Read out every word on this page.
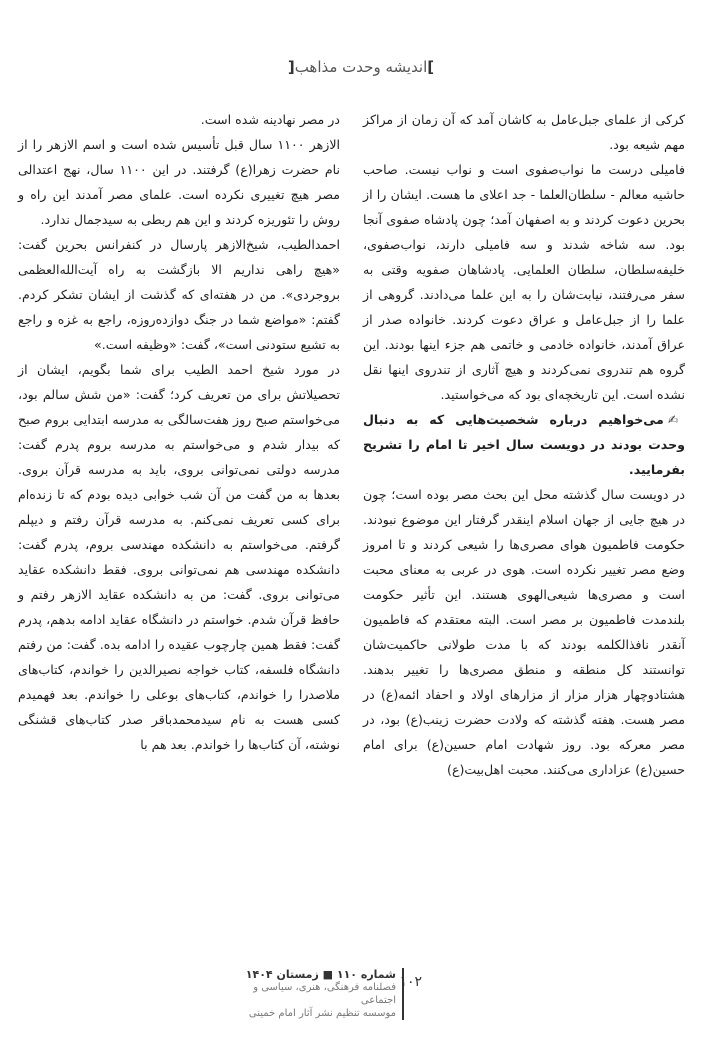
]اندیشه وحدت مذاهب[

کرکی از علمای جبل‌عامل به کاشان آمد که آن زمان از مراکز مهم شیعه بود.

فامیلی درست ما نواب‌صفوی است و نواب نیست. صاحب حاشیه معالم - سلطان‌العلما - جد اعلای ما هست. ایشان را از بحرین دعوت کردند و به اصفهان آمد؛ چون پادشاه صفوی آنجا بود. سه شاخه شدند و سه فامیلی دارند، نواب‌صفوی، خلیفه‌سلطان، سلطان العلمایی. پادشاهان صفویه وقتی به سفر می‌رفتند، نیابت‌شان را به این علما می‌دادند. گروهی از علما را از جبل‌عامل و عراق دعوت کردند. خانواده صدر از عراق آمدند، خانواده خادمی و خاتمی هم جزء اینها بودند. این گروه هم تندروی نمی‌کردند و هیچ آثاری از تندروی اینها نقل نشده است. این تاریخچه‌ای بود که می‌خواستید.

✍می‌خواهیم درباره شخصیت‌هایی که به دنبال وحدت بودند در دویست سال اخیر تا امام را تشریح بفرمایید.

در دویست سال گذشته محل این بحث مصر بوده است؛ چون در هیچ جایی از جهان اسلام اینقدر گرفتار این موضوع نبودند. حکومت فاطمیون هوای مصری‌ها را شیعی کردند و تا امروز وضع مصر تغییر نکرده است. هوی در عربی به معنای محبت است و مصری‌ها شیعی‌الهوی هستند. این تأثیر حکومت بلندمدت فاطمیون بر مصر است. البته معتقدم که فاطمیون آنقدر نافذالکلمه بودند که با مدت طولانی حاکمیت‌شان توانستند کل منطقه و منطق مصری‌ها را تغییر بدهند. هشتادوچهار هزار مزار از مزارهای اولاد و احفاد ائمه(ع) در مصر هست. هفته گذشته که ولادت حضرت زینب(ع) بود، در مصر معرکه بود. روز شهادت امام حسین(ع) برای امام حسین(ع) عزاداری می‌کنند. محبت اهل‌بیت(ع)

در مصر نهادینه شده است.

الازهر ۱۱۰۰ سال قبل تأسیس شده است و اسم الازهر را از نام حضرت زهرا(ع) گرفتند. در این ۱۱۰۰ سال، نهج اعتدالی مصر هیچ تغییری نکرده است. علمای مصر آمدند این راه و روش را تئوریزه کردند و این هم ربطی به سیدجمال ندارد.

احمدالطیب، شیخ‌الازهر پارسال در کنفرانس بحرین گفت: «هیچ راهی نداریم الا بازگشت به راه آیت‌الله‌العظمی بروجردی». من در هفته‌ای که گذشت از ایشان تشکر کردم. گفتم: «مواضع شما در جنگ دوازده‌روزه، راجع به غزه و راجع به تشیع ستودنی است»، گفت: «وظیفه است.»

در مورد شیخ احمد الطیب برای شما بگویم، ایشان از تحصیلاتش برای من تعریف کرد؛ گفت: «من شش سالم بود، می‌خواستم صبح روز هفت‌سالگی به مدرسه ابتدایی بروم صبح که بیدار شدم و می‌خواستم به مدرسه بروم پدرم گفت: مدرسه دولتی نمی‌توانی بروی، باید به مدرسه قرآن بروی. بعدها به من گفت من آن شب خوابی دیده بودم که تا زنده‌ام برای کسی تعریف نمی‌کنم. به مدرسه قرآن رفتم و دیپلم گرفتم. می‌خواستم به دانشکده مهندسی بروم، پدرم گفت: دانشکده مهندسی هم نمی‌توانی بروی. فقط دانشکده عقاید می‌توانی بروی. گفت: من به دانشکده عقاید الازهر رفتم و حافظ قرآن شدم. خواستم در دانشگاه عقاید ادامه بدهم، پدرم گفت: فقط همین چارچوب عقیده را ادامه بده. گفت: من رفتم دانشگاه فلسفه، کتاب خواجه نصیرالدین را خواندم، کتاب‌های ملاصدرا را خواندم، کتاب‌های بوعلی را خواندم. بعد فهمیدم کسی هست به نام سیدمحمدباقر صدر کتاب‌های قشنگی نوشته، آن کتاب‌ها را خواندم. بعد هم با

۱۰۲
شماره ۱۱۰ ■ زمستان ۱۴۰۴
فصلنامه فرهنگی، هنری، سیاسی و اجتماعی
موسسه تنظیم نشر آثار امام خمینی
